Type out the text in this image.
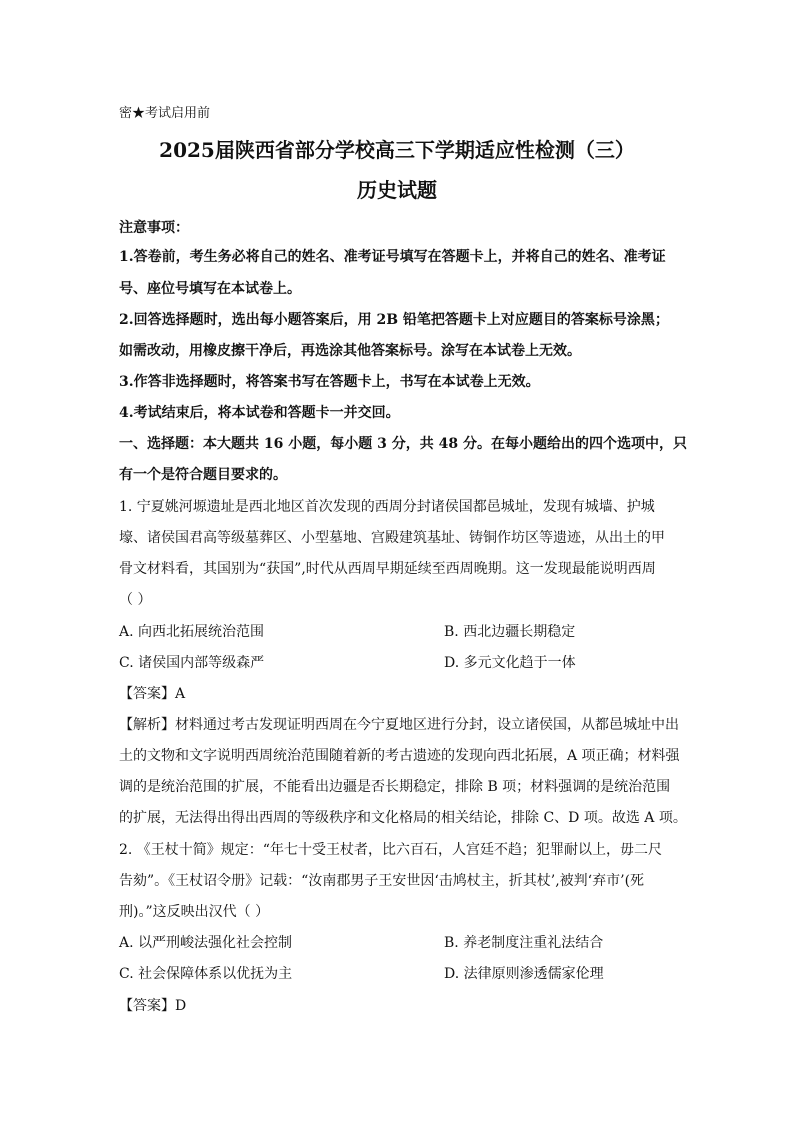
密★考试启用前
2025届陕西省部分学校高三下学期适应性检测（三）
历史试题
注意事项：
1.答卷前，考生务必将自己的姓名、准考证号填写在答题卡上，并将自己的姓名、准考证
号、座位号填写在本试卷上。
2.回答选择题时，选出每小题答案后，用 2B 铅笔把答题卡上对应题目的答案标号涂黑；
如需改动，用橡皮擦干净后，再选涂其他答案标号。涂写在本试卷上无效。
3.作答非选择题时，将答案书写在答题卡上，书写在本试卷上无效。
4.考试结束后，将本试卷和答题卡一并交回。
一、选择题：本大题共 16 小题，每小题 3 分，共 48 分。在每小题给出的四个选项中，只
有一个是符合题目要求的。
1. 宁夏姚河塬遗址是西北地区首次发现的西周分封诸侯国都邑城址，发现有城墙、护城
壕、诸侯国君高等级墓葬区、小型墓地、宫殿建筑基址、铸铜作坊区等遗迹，从出土的甲
骨文材料看，其国别为“获国”,时代从西周早期延续至西周晚期。这一发现最能说明西周
（ ）
A. 向西北拓展统治范围	B. 西北边疆长期稳定
C. 诸侯国内部等级森严	D. 多元文化趋于一体
【答案】A
【解析】材料通过考古发现证明西周在今宁夏地区进行分封，设立诸侯国，从都邑城址中出
土的文物和文字说明西周统治范围随着新的考古遗迹的发现向西北拓展，A 项正确；材料强
调的是统治范围的扩展，不能看出边疆是否长期稳定，排除 B 项；材料强调的是统治范围
的扩展，无法得出得出西周的等级秩序和文化格局的相关结论，排除 C、D 项。故选 A 项。
2. 《王杖十简》规定：“年七十受王杖者，比六百石，人宫廷不趋；犯罪耐以上，毋二尺
告劾”。《王杖诏令册》记载：“汝南郡男子王安世因‘击鸠杖主，折其杖’,被判‘弃市’(死
刑)。”这反映出汉代（ ）
A. 以严刑峻法强化社会控制	B. 养老制度注重礼法结合
C. 社会保障体系以优抚为主	D. 法律原则渗透儒家伦理
【答案】D
